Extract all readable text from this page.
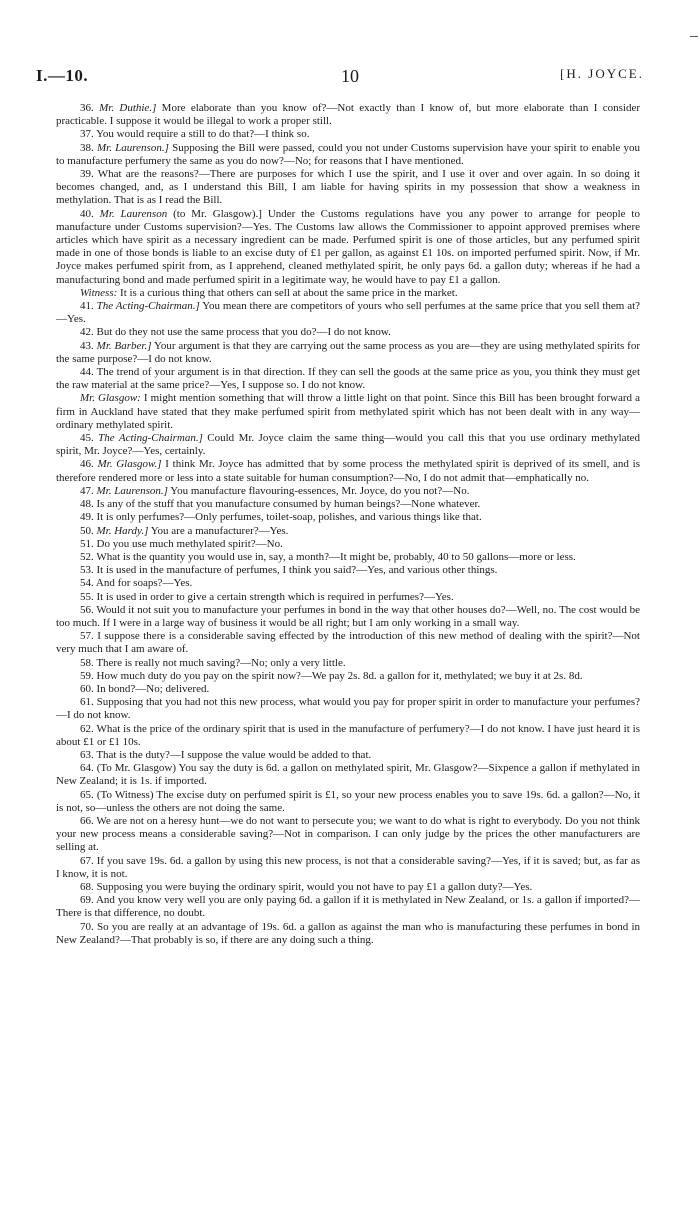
I.—10.	10	[H. JOYCE.

36. Mr. Duthie.] More elaborate than you know of?—Not exactly than I know of, but more elaborate than I consider practicable. I suppose it would be illegal to work a proper still.

37. You would require a still to do that?—I think so.

38. Mr. Laurenson.] Supposing the Bill were passed, could you not under Customs supervision have your spirit to enable you to manufacture perfumery the same as you do now?—No; for reasons that I have mentioned.

39. What are the reasons?—There are purposes for which I use the spirit, and I use it over and over again. In so doing it becomes changed, and, as I understand this Bill, I am liable for having spirits in my possession that show a weakness in methylation. That is as I read the Bill.

40. Mr. Laurenson (to Mr. Glasgow).] Under the Customs regulations have you any power to arrange for people to manufacture under Customs supervision?—Yes. The Customs law allows the Commissioner to appoint approved premises where articles which have spirit as a necessary ingredient can be made. Perfumed spirit is one of those articles, but any perfumed spirit made in one of those bonds is liable to an excise duty of £1 per gallon, as against £1 10s. on imported perfumed spirit. Now, if Mr. Joyce makes perfumed spirit from, as I apprehend, cleaned methylated spirit, he only pays 6d. a gallon duty; whereas if he had a manufacturing bond and made perfumed spirit in a legitimate way, he would have to pay £1 a gallon.

Witness: It is a curious thing that others can sell at about the same price in the market.

41. The Acting-Chairman.] You mean there are competitors of yours who sell perfumes at the same price that you sell them at?—Yes.

42. But do they not use the same process that you do?—I do not know.

43. Mr. Barber.] Your argument is that they are carrying out the same process as you are—they are using methylated spirits for the same purpose?—I do not know.

44. The trend of your argument is in that direction. If they can sell the goods at the same price as you, you think they must get the raw material at the same price?—Yes, I suppose so. I do not know.

Mr. Glasgow: I might mention something that will throw a little light on that point. Since this Bill has been brought forward a firm in Auckland have stated that they make perfumed spirit from methylated spirit which has not been dealt with in any way—ordinary methylated spirit.

45. The Acting-Chairman.] Could Mr. Joyce claim the same thing—would you call this that you use ordinary methylated spirit, Mr. Joyce?—Yes, certainly.

46. Mr. Glasgow.] I think Mr. Joyce has admitted that by some process the methylated spirit is deprived of its smell, and is therefore rendered more or less into a state suitable for human consumption?—No, I do not admit that—emphatically no.

47. Mr. Laurenson.] You manufacture flavouring-essences, Mr. Joyce, do you not?—No.

48. Is any of the stuff that you manufacture consumed by human beings?—None whatever.

49. It is only perfumes?—Only perfumes, toilet-soap, polishes, and various things like that.

50. Mr. Hardy.] You are a manufacturer?—Yes.

51. Do you use much methylated spirit?—No.

52. What is the quantity you would use in, say, a month?—It might be, probably, 40 to 50 gallons—more or less.

53. It is used in the manufacture of perfumes, I think you said?—Yes, and various other things.

54. And for soaps?—Yes.

55. It is used in order to give a certain strength which is required in perfumes?—Yes.

56. Would it not suit you to manufacture your perfumes in bond in the way that other houses do?—Well, no. The cost would be too much. If I were in a large way of business it would be all right; but I am only working in a small way.

57. I suppose there is a considerable saving effected by the introduction of this new method of dealing with the spirit?—Not very much that I am aware of.

58. There is really not much saving?—No; only a very little.

59. How much duty do you pay on the spirit now?—We pay 2s. 8d. a gallon for it, methylated; we buy it at 2s. 8d.

60. In bond?—No; delivered.

61. Supposing that you had not this new process, what would you pay for proper spirit in order to manufacture your perfumes?—I do not know.

62. What is the price of the ordinary spirit that is used in the manufacture of perfumery?—I do not know. I have just heard it is about £1 or £1 10s.

63. That is the duty?—I suppose the value would be added to that.

64. (To Mr. Glasgow) You say the duty is 6d. a gallon on methylated spirit, Mr. Glasgow?—Sixpence a gallon if methylated in New Zealand; it is 1s. if imported.

65. (To Witness) The excise duty on perfumed spirit is £1, so your new process enables you to save 19s. 6d. a gallon?—No, it is not, so—unless the others are not doing the same.

66. We are not on a heresy hunt—we do not want to persecute you; we want to do what is right to everybody. Do you not think your new process means a considerable saving?—Not in comparison. I can only judge by the prices the other manufacturers are selling at.

67. If you save 19s. 6d. a gallon by using this new process, is not that a considerable saving?—Yes, if it is saved; but, as far as I know, it is not.

68. Supposing you were buying the ordinary spirit, would you not have to pay £1 a gallon duty?—Yes.

69. And you know very well you are only paying 6d. a gallon if it is methylated in New Zealand, or 1s. a gallon if imported?—There is that difference, no doubt.

70. So you are really at an advantage of 19s. 6d. a gallon as against the man who is manufacturing these perfumes in bond in New Zealand?—That probably is so, if there are any doing such a thing.
